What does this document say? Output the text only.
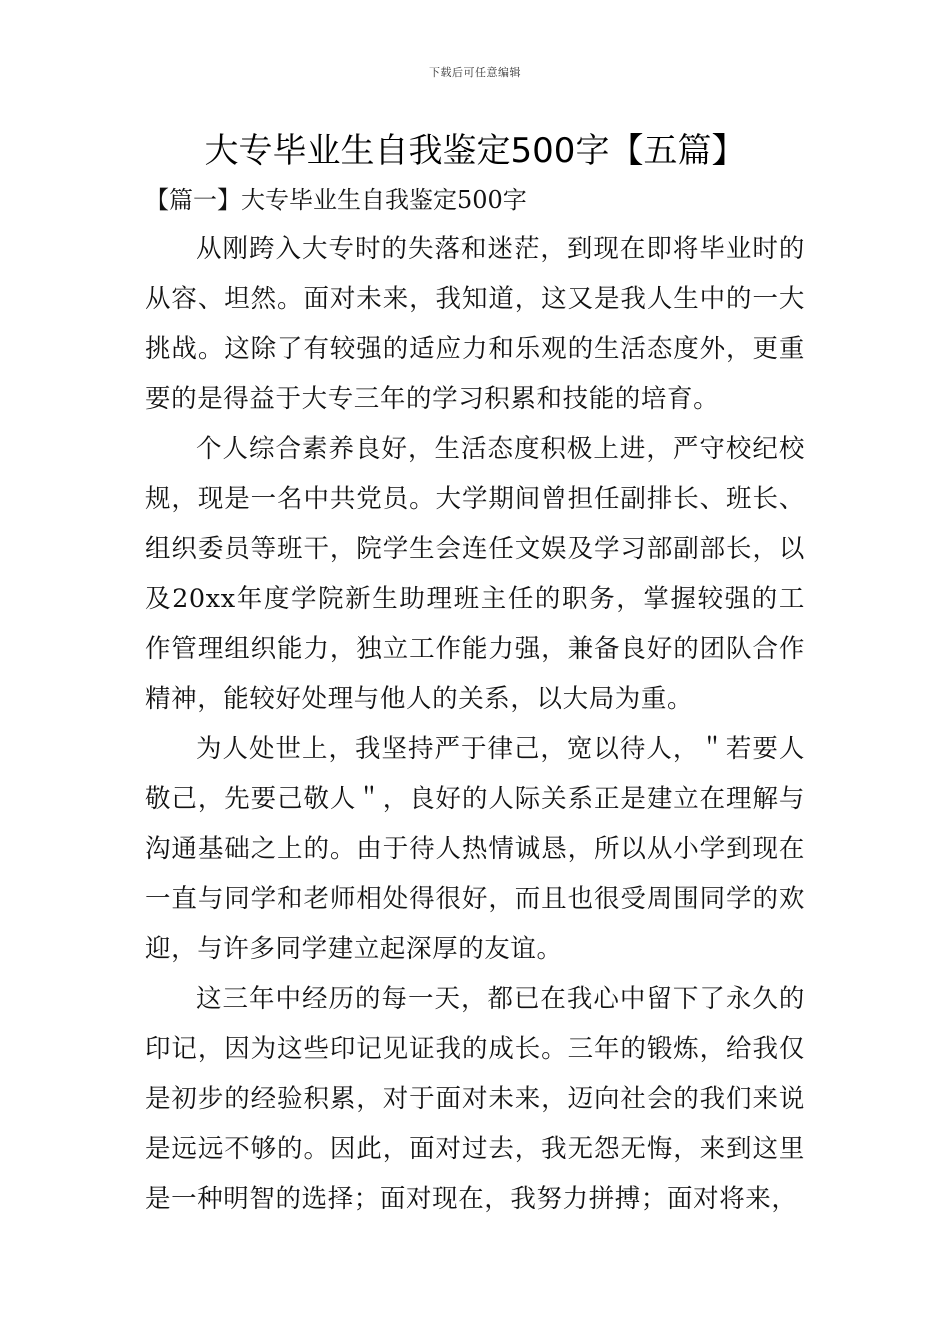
下载后可任意编辑
大专毕业生自我鉴定500字【五篇】
【篇一】大专毕业生自我鉴定500字

从刚跨入大专时的失落和迷茫，到现在即将毕业时的从容、坦然。面对未来，我知道，这又是我人生中的一大挑战。这除了有较强的适应力和乐观的生活态度外，更重要的是得益于大专三年的学习积累和技能的培育。

个人综合素养良好，生活态度积极上进，严守校纪校规，现是一名中共党员。大学期间曾担任副排长、班长、组织委员等班干，院学生会连任文娱及学习部副部长，以及20xx年度学院新生助理班主任的职务，掌握较强的工作管理组织能力，独立工作能力强，兼备良好的团队合作精神，能较好处理与他人的关系，以大局为重。

为人处世上，我坚持严于律己，宽以待人，＂若要人敬己，先要己敬人＂，良好的人际关系正是建立在理解与沟通基础之上的。由于待人热情诚恳，所以从小学到现在一直与同学和老师相处得很好，而且也很受周围同学的欢迎，与许多同学建立起深厚的友谊。

这三年中经历的每一天，都已在我心中留下了永久的印记，因为这些印记见证我的成长。三年的锻炼，给我仅是初步的经验积累，对于面对未来，迈向社会的我们来说是远远不够的。因此，面对过去，我无怨无悔，来到这里是一种明智的选择；面对现在，我努力拼搏；面对将来，
